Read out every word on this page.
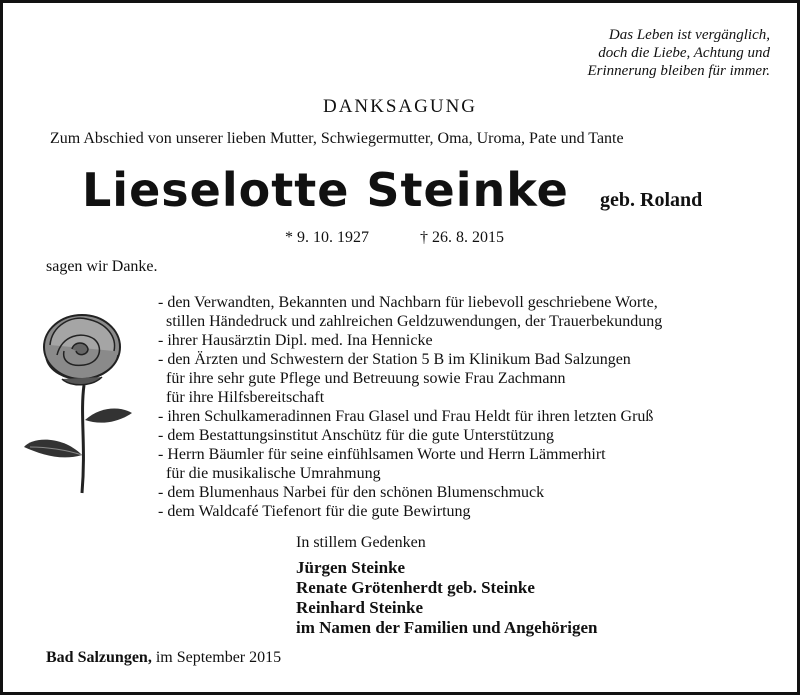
Das Leben ist vergänglich,
doch die Liebe, Achtung und
Erinnerung bleiben für immer.
DANKSAGUNG
Zum Abschied von unserer lieben Mutter, Schwiegermutter, Oma, Uroma, Pate und Tante
Lieselotte Steinke geb. Roland
* 9. 10. 1927	† 26. 8. 2015
sagen wir Danke.
- den Verwandten, Bekannten und Nachbarn für liebevoll geschriebene Worte,
stillen Händedruck und zahlreichen Geldzuwendungen, der Trauerbekundung
- ihrer Hausärztin Dipl. med. Ina Hennicke
- den Ärzten und Schwestern der Station 5 B im Klinikum Bad Salzungen
für ihre sehr gute Pflege und Betreuung sowie Frau Zachmann
für ihre Hilfsbereitschaft
- ihren Schulkameradinnen Frau Glasel und Frau Heldt für ihren letzten Gruß
- dem Bestattungsinstitut Anschütz für die gute Unterstützung
- Herrn Bäumler für seine einfühlsamen Worte und Herrn Lämmerhirt
für die musikalische Umrahmung
- dem Blumenhaus Narbei für den schönen Blumenschmuck
- dem Waldcafé Tiefenort für die gute Bewirtung
In stillem Gedenken
Jürgen Steinke
Renate Grötenherdt geb. Steinke
Reinhard Steinke
im Namen der Familien und Angehörigen
Bad Salzungen, im September 2015
